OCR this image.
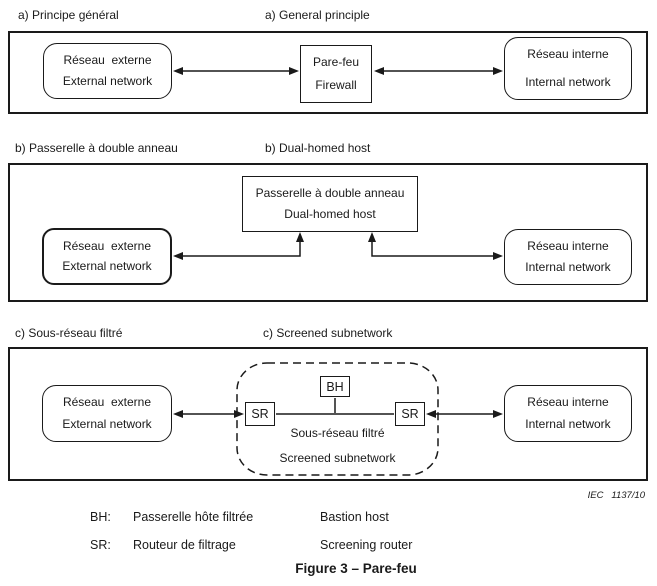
a) Principe général	a) General principle
Réseau  externe
External network
Pare-feu
Firewall
Réseau interne
Internal network
b) Passerelle à double anneau	b) Dual-homed host
Passerelle à double anneau
Dual-homed host
Réseau  externe
External network
Réseau interne
Internal network
c) Sous-réseau filtré	c) Screened subnetwork
Réseau  externe
External network
Réseau interne
Internal network
BH
SR	SR
Sous-réseau filtré
Screened subnetwork
IEC   1137/10
BH: Passerelle hôte filtrée	Bastion host
SR: Routeur de filtrage	Screening router
Figure 3 – Pare-feu
